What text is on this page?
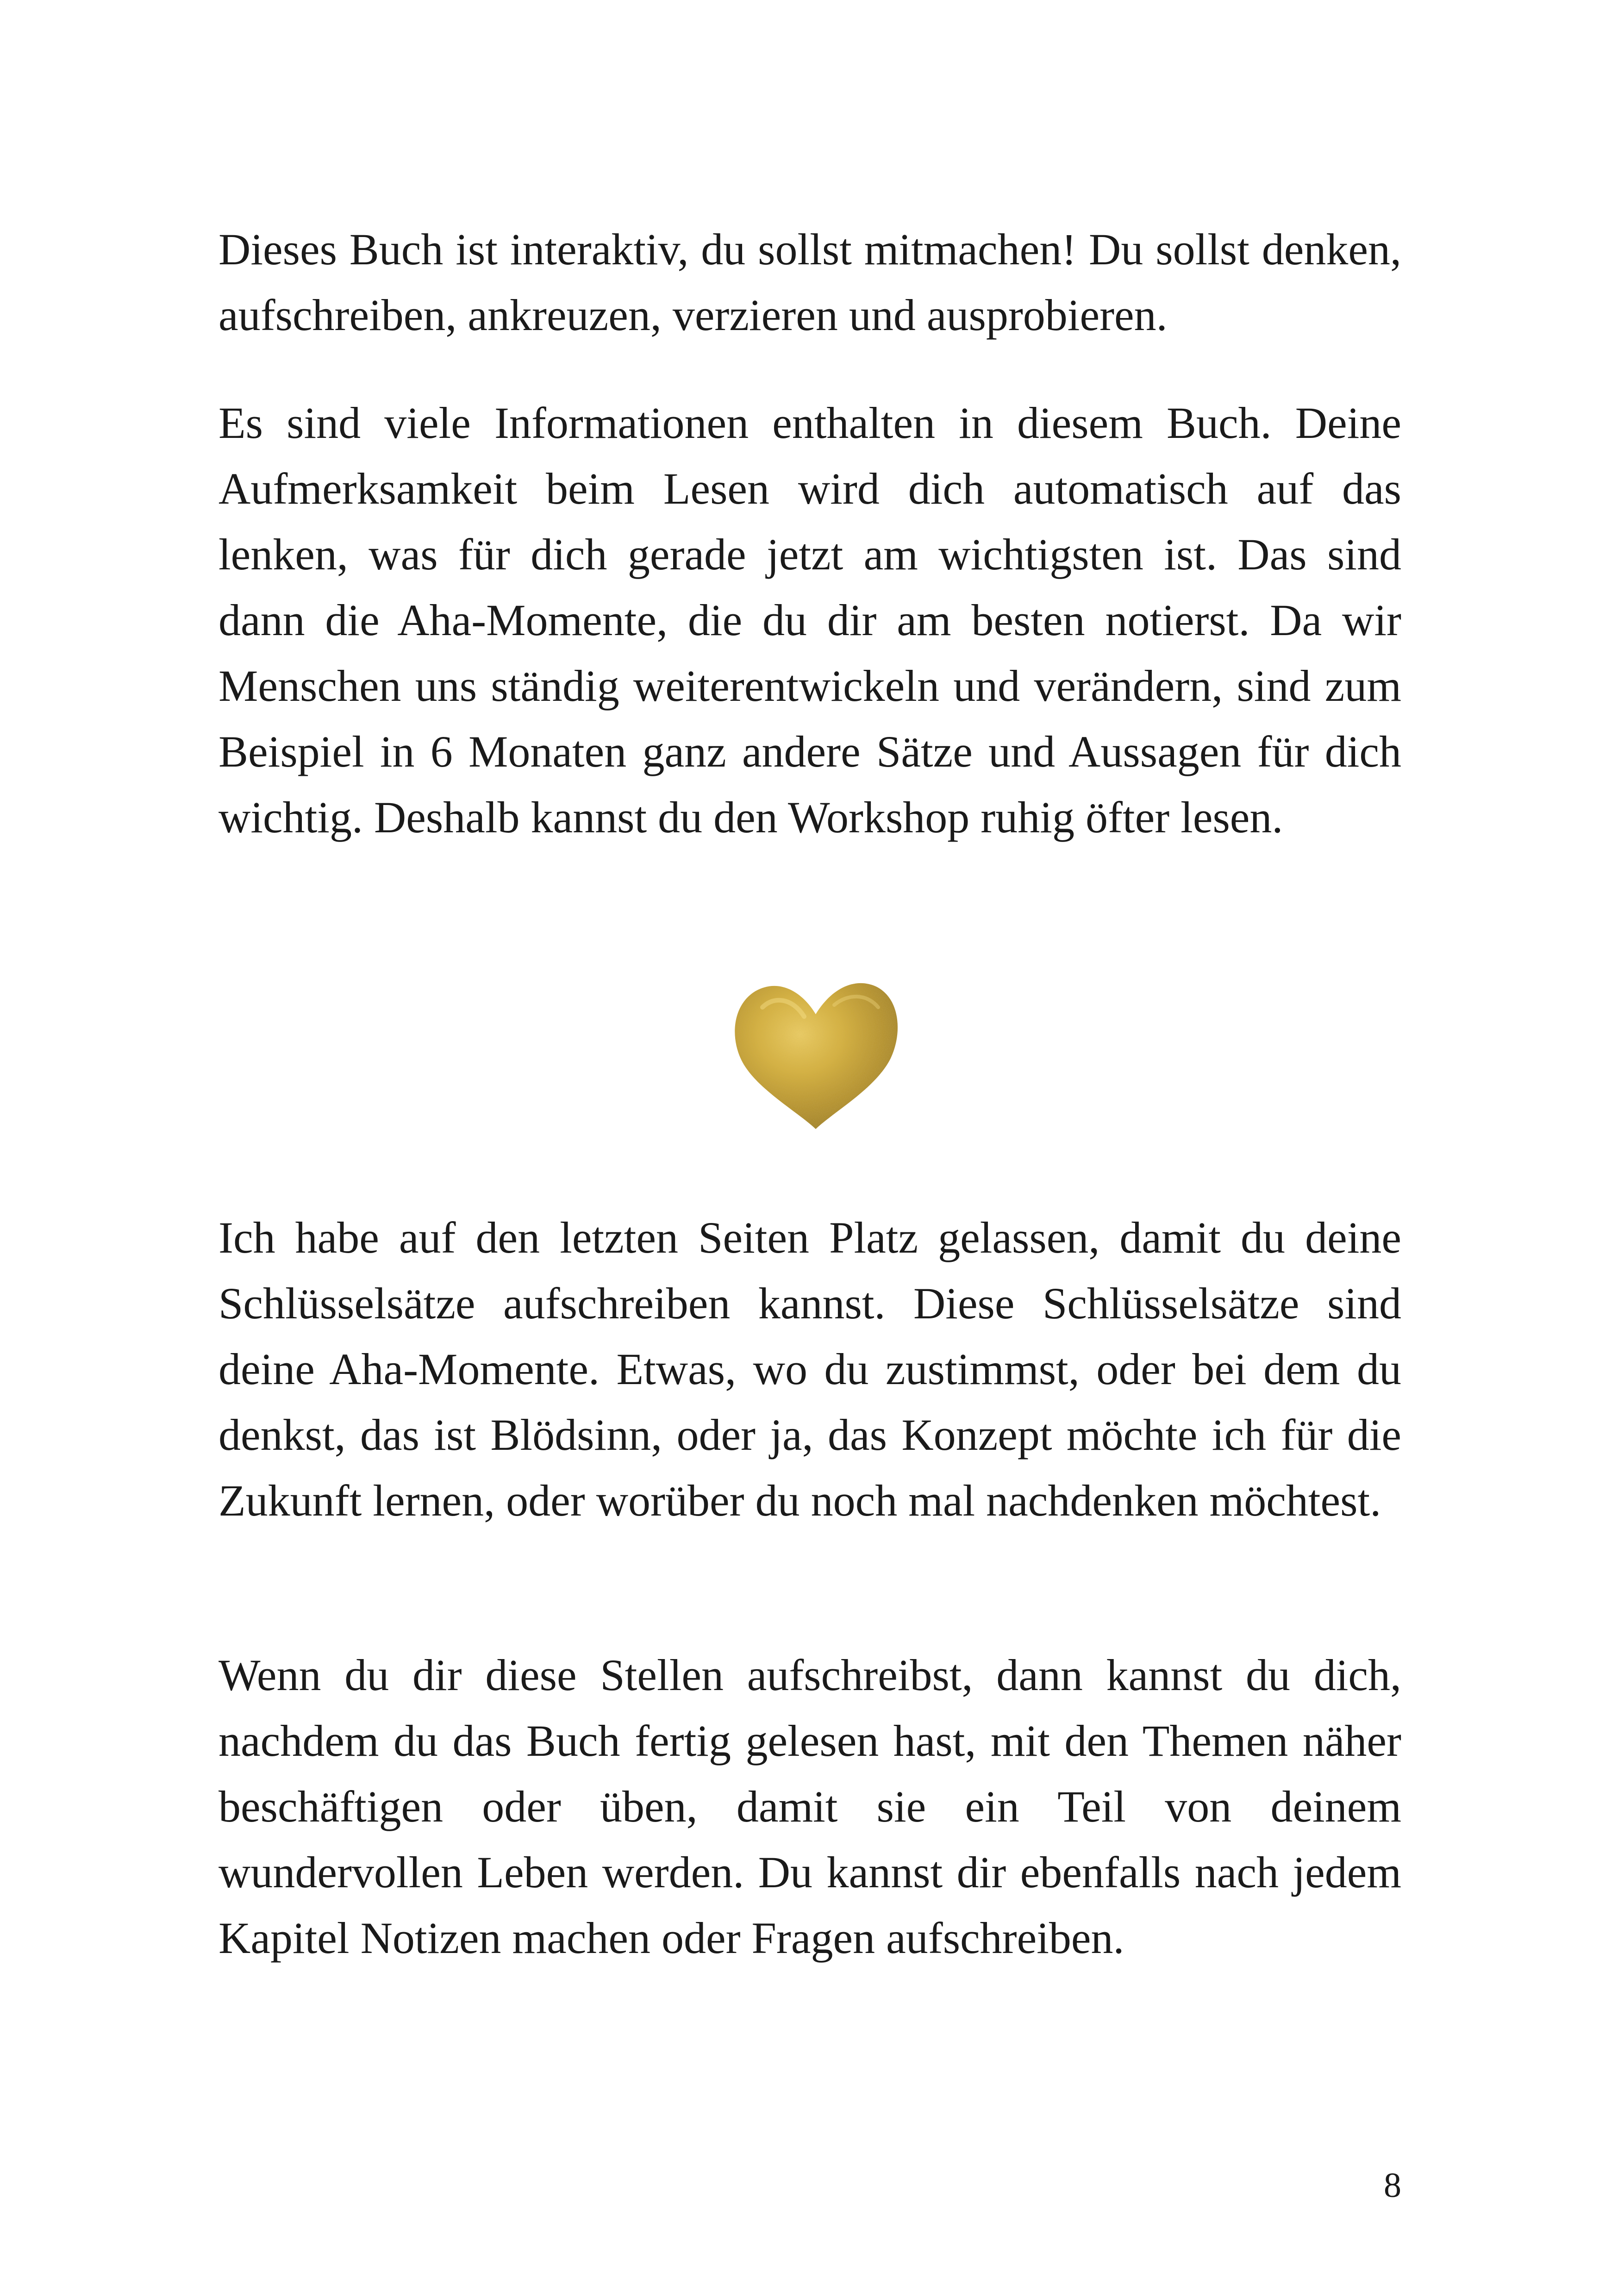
Dieses Buch ist interaktiv, du sollst mitmachen! Du sollst denken, aufschreiben, ankreuzen, verzieren und ausprobieren.

Es sind viele Informationen enthalten in diesem Buch. Deine Aufmerksamkeit beim Lesen wird dich automatisch auf das lenken, was für dich gerade jetzt am wichtigsten ist. Das sind dann die Aha-Momente, die du dir am besten notierst. Da wir Menschen uns ständig weiterentwickeln und verändern, sind zum Beispiel in 6 Monaten ganz andere Sätze und Aussagen für dich wichtig. Deshalb kannst du den Workshop ruhig öfter lesen.

Ich habe auf den letzten Seiten Platz gelassen, damit du deine Schlüsselsätze aufschreiben kannst. Diese Schlüsselsätze sind deine Aha-Momente. Etwas, wo du zustimmst, oder bei dem du denkst, das ist Blödsinn, oder ja, das Konzept möchte ich für die Zukunft lernen, oder worüber du noch mal nachdenken möchtest.

Wenn du dir diese Stellen aufschreibst, dann kannst du dich, nachdem du das Buch fertig gelesen hast, mit den Themen näher beschäftigen oder üben, damit sie ein Teil von deinem wundervollen Leben werden. Du kannst dir ebenfalls nach jedem Kapitel Notizen machen oder Fragen aufschreiben.

8
